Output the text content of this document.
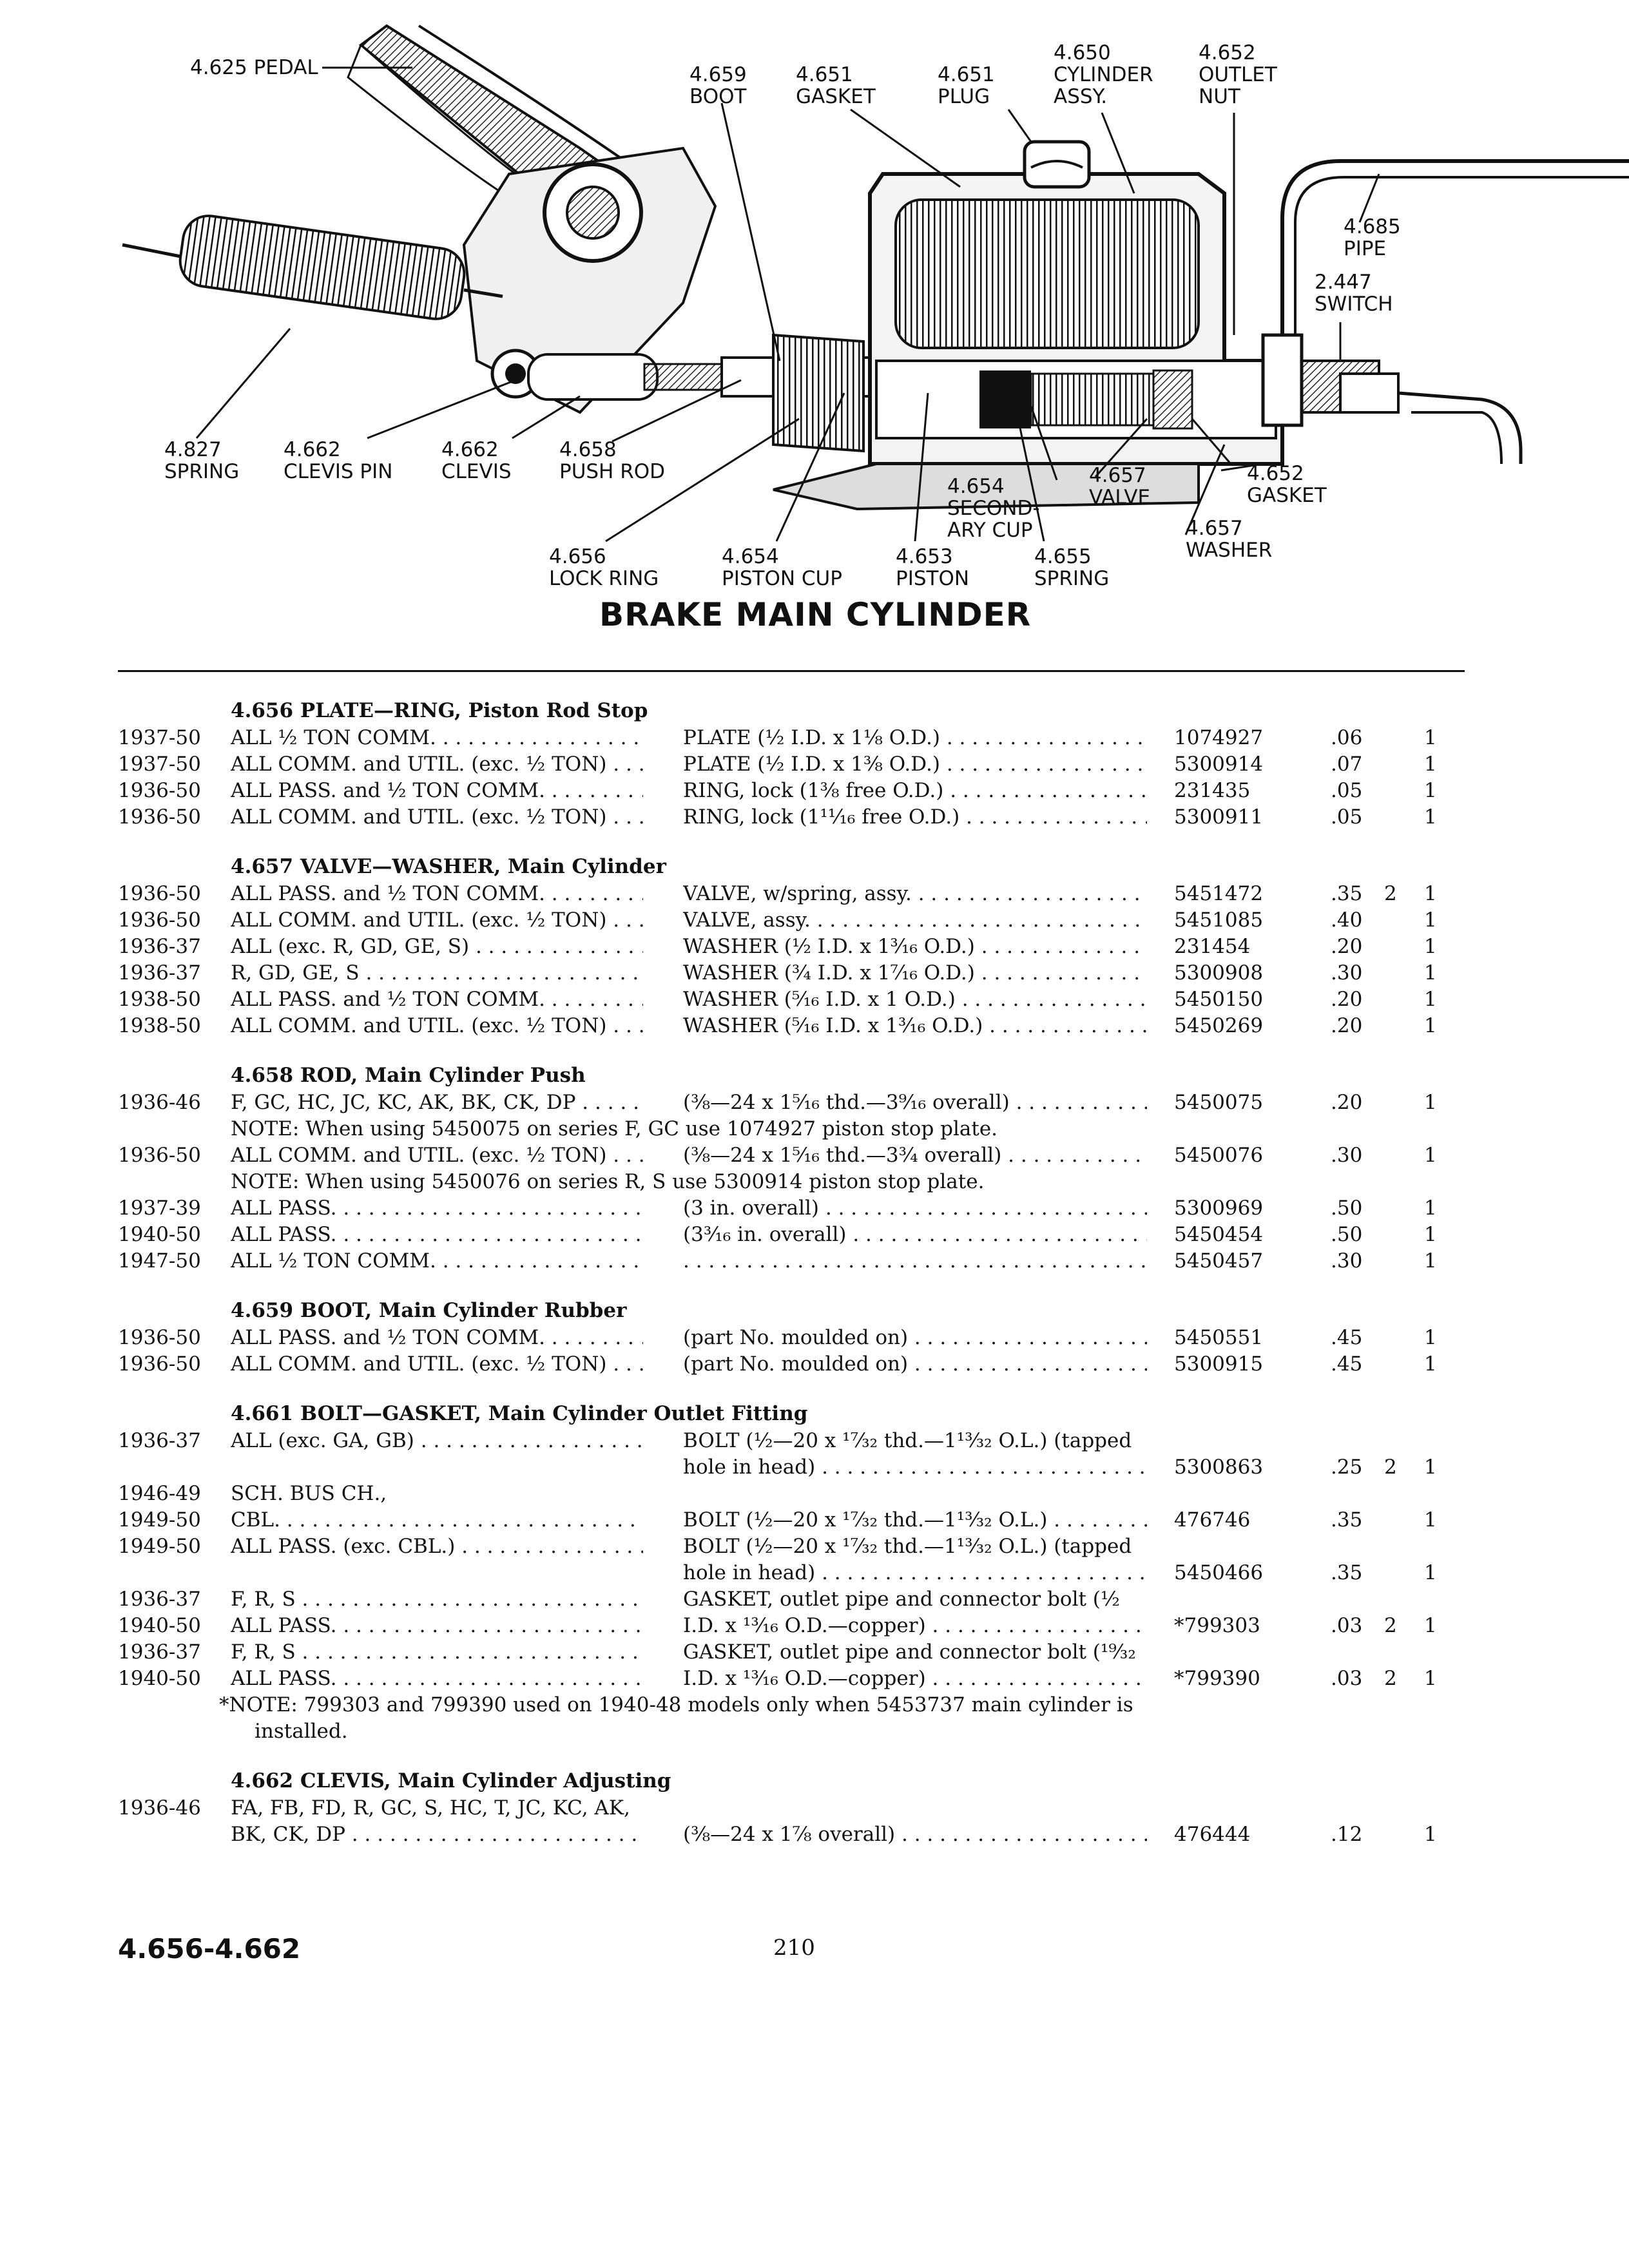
4.625 PEDAL	4.659
BOOT
4.651
GASKET
4.651
PLUG
4.650
CYLINDER
ASSY.
4.652
OUTLET
NUT
4.685
PIPE
2.447
SWITCH
4.827
SPRING
4.662
CLEVIS PIN
4.662
CLEVIS
4.658
PUSH ROD
4.654
SECOND-
ARY CUP
4.657
VALVE
4.652
GASKET
4.657
WASHER
4.656
LOCK RING
4.654
PISTON CUP
4.653
PISTON
4.655
SPRING
BRAKE MAIN CYLINDER
4.656 PLATE—RING, Piston Rod Stop
1937-50 ALL ½ TON COMM. . . .	PLATE (½ I.D. x 1⅛ O.D.) . . .	1074927	.06	1
1937-50 ALL COMM. and UTIL. (exc. ½ TON) . . .	PLATE (½ I.D. x 1⅜ O.D.) . . .	5300914	.07	1
1936-50 ALL PASS. and ½ TON COMM. . . .	RING, lock (1⅜ free O.D.) . . .	231435	.05	1
1936-50 ALL COMM. and UTIL. (exc. ½ TON) . . .	RING, lock (1¹¹⁄₁₆ free O.D.) . . .	5300911	.05	1
4.657 VALVE—WASHER, Main Cylinder
1936-50 ALL PASS. and ½ TON COMM. . . .	VALVE, w/spring, assy. . . .	5451472	.35 2 1
1936-50 ALL COMM. and UTIL. (exc. ½ TON) . . .	VALVE, assy. . . .	5451085	.40	1
1936-37 ALL (exc. R, GD, GE, S) . . .	WASHER (½ I.D. x 1³⁄₁₆ O.D.) . . .	231454	.20	1
1936-37 R, GD, GE, S . . .	WASHER (¾ I.D. x 1⁷⁄₁₆ O.D.) . . .	5300908	.30	1
1938-50 ALL PASS. and ½ TON COMM. . . .	WASHER (⁵⁄₁₆ I.D. x 1 O.D.) . . .	5450150	.20	1
1938-50 ALL COMM. and UTIL. (exc. ½ TON) . . .	WASHER (⁵⁄₁₆ I.D. x 1³⁄₁₆ O.D.) . . .	5450269	.20	1
4.658 ROD, Main Cylinder Push
1936-46 F, GC, HC, JC, KC, AK, BK, CK, DP . . .	(⅜—24 x 1⁵⁄₁₆ thd.—3⁹⁄₁₆ overall) . . .	5450075	.20	1
NOTE: When using 5450075 on series F, GC use 1074927 piston stop plate.
1936-50 ALL COMM. and UTIL. (exc. ½ TON) . . .	(⅜—24 x 1⁵⁄₁₆ thd.—3¾ overall) . . .	5450076	.30	1
NOTE: When using 5450076 on series R, S use 5300914 piston stop plate.
1937-39 ALL PASS. . . .	(3 in. overall) . . .	5300969	.50	1
1940-50 ALL PASS. . . .	(3³⁄₁₆ in. overall) . . .	5450454	.50	1
1947-50 ALL ½ TON COMM. . . . . . .	5450457	.30	1
4.659 BOOT, Main Cylinder Rubber
1936-50 ALL PASS. and ½ TON COMM. . . .	(part No. moulded on) . . .	5450551	.45	1
1936-50 ALL COMM. and UTIL. (exc. ½ TON) . . .	(part No. moulded on) . . .	5300915	.45	1
4.661 BOLT—GASKET, Main Cylinder Outlet Fitting
1936-37 ALL (exc. GA, GB) . . .	BOLT (½—20 x ¹⁷⁄₃₂ thd.—1¹³⁄₃₂ O.L.) (tapped
hole in head) . . .	5300863	.25 2 1
1946-49 SCH. BUS CH.,
1949-50 CBL. . . .	BOLT (½—20 x ¹⁷⁄₃₂ thd.—1¹³⁄₃₂ O.L.) . . .	476746	.35	1
1949-50 ALL PASS. (exc. CBL.) . . .	BOLT (½—20 x ¹⁷⁄₃₂ thd.—1¹³⁄₃₂ O.L.) (tapped
hole in head) . . .	5450466	.35	1
1936-37 F, R, S . . .	GASKET, outlet pipe and connector bolt (½
1940-50 ALL PASS. . . .	I.D. x ¹³⁄₁₆ O.D.—copper) . . .	*799303	.03 2 1
1936-37 F, R, S . . .	GASKET, outlet pipe and connector bolt (¹⁹⁄₃₂
1940-50 ALL PASS. . . .	I.D. x ¹³⁄₁₆ O.D.—copper) . . .	*799390	.03 2 1
*NOTE: 799303 and 799390 used on 1940-48 models only when 5453737 main cylinder is
installed.
4.662 CLEVIS, Main Cylinder Adjusting
1936-46 FA, FB, FD, R, GC, S, HC, T, JC, KC, AK,
BK, CK, DP . . .	(⅜—24 x 1⅞ overall) . . .	476444	.12	1
4.656-4.662	210
